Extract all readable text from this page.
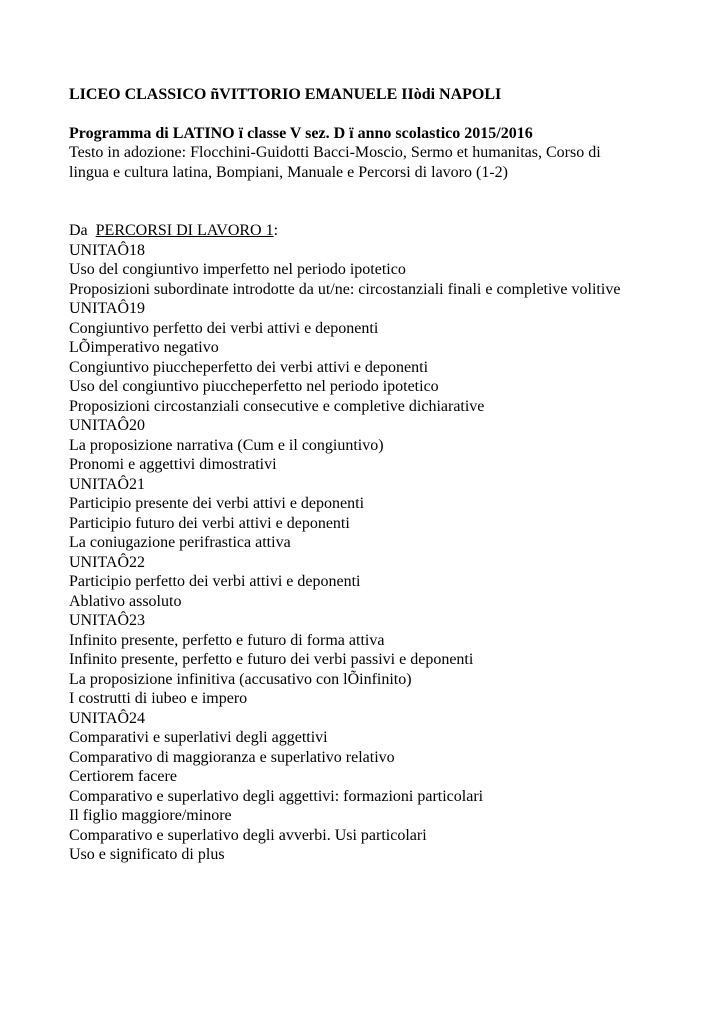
LICEO CLASSICO ñVITTORIO EMANUELE IIòdi NAPOLI
Programma di LATINO ï classe V sez. D ï anno scolastico 2015/2016
Testo in adozione: Flocchini-Guidotti Bacci-Moscio, Sermo et humanitas, Corso di
lingua e cultura latina, Bompiani, Manuale e Percorsi di lavoro (1-2)
Da  PERCORSI DI LAVORO 1:
UNITAÔ18
Uso del congiuntivo imperfetto nel periodo ipotetico
Proposizioni subordinate introdotte da ut/ne: circostanziali finali e completive volitive
UNITAÔ19
Congiuntivo perfetto dei verbi attivi e deponenti
LÕimperativo negativo
Congiuntivo piuccheperfetto dei verbi attivi e deponenti
Uso del congiuntivo piuccheperfetto nel periodo ipotetico
Proposizioni circostanziali consecutive e completive dichiarative
UNITAÔ20
La proposizione narrativa (Cum e il congiuntivo)
Pronomi e aggettivi dimostrativi
UNITAÔ21
Participio presente dei verbi attivi e deponenti
Participio futuro dei verbi attivi e deponenti
La coniugazione perifrastica attiva
UNITAÔ22
Participio perfetto dei verbi attivi e deponenti
Ablativo assoluto
UNITAÔ23
Infinito presente, perfetto e futuro di forma attiva
Infinito presente, perfetto e futuro dei verbi passivi e deponenti
La proposizione infinitiva (accusativo con lÕinfinito)
I costrutti di iubeo e impero
UNITAÔ24
Comparativi e superlativi degli aggettivi
Comparativo di maggioranza e superlativo relativo
Certiorem facere
Comparativo e superlativo degli aggettivi: formazioni particolari
Il figlio maggiore/minore
Comparativo e superlativo degli avverbi. Usi particolari
Uso e significato di plus
